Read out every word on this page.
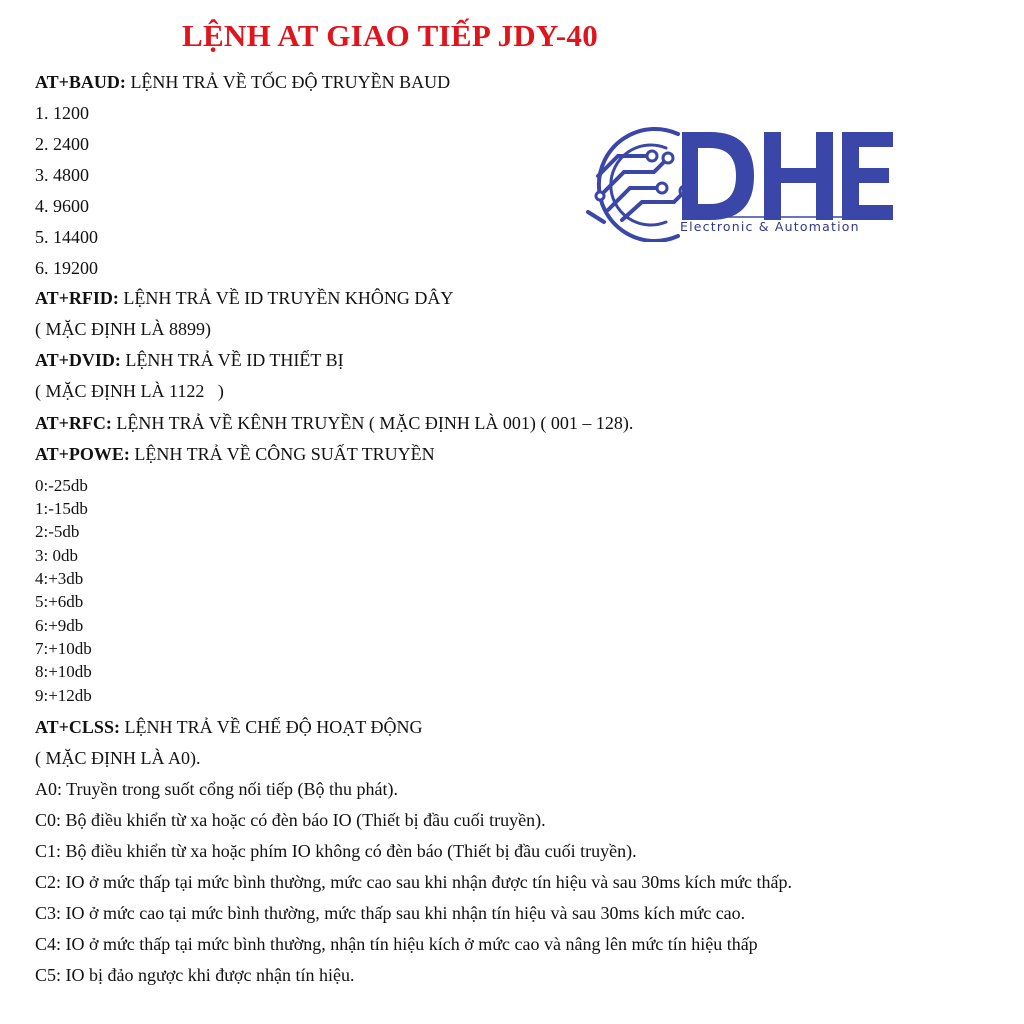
LỆNH AT GIAO TIẾP JDY-40
AT+BAUD: LỆNH TRẢ VỀ TỐC ĐỘ TRUYỀN BAUD
1. 1200
2. 2400
3. 4800
4. 9600
5. 14400
6. 19200
AT+RFID: LỆNH TRẢ VỀ ID TRUYỀN KHÔNG DÂY
( MẶC ĐỊNH LÀ 8899)
AT+DVID: LỆNH TRẢ VỀ ID THIẾT BỊ
( MẶC ĐỊNH LÀ 1122   )
AT+RFC: LỆNH TRẢ VỀ KÊNH TRUYỀN ( MẶC ĐỊNH LÀ 001) ( 001 – 128).
AT+POWE: LỆNH TRẢ VỀ CÔNG SUẤT TRUYỀN
0:-25db
1:-15db
2:-5db
3: 0db
4:+3db
5:+6db
6:+9db
7:+10db
8:+10db
9:+12db
AT+CLSS: LỆNH TRẢ VỀ CHẾ ĐỘ HOẠT ĐỘNG
( MẶC ĐỊNH LÀ A0).
A0: Truyền trong suốt cổng nối tiếp (Bộ thu phát).
C0: Bộ điều khiển từ xa hoặc có đèn báo IO (Thiết bị đầu cuối truyền).
C1: Bộ điều khiển từ xa hoặc phím IO không có đèn báo (Thiết bị đầu cuối truyền).
C2: IO ở mức thấp tại mức bình thường, mức cao sau khi nhận được tín hiệu và sau 30ms kích mức thấp.
C3: IO ở mức cao tại mức bình thường, mức thấp sau khi nhận tín hiệu và sau 30ms kích mức cao.
C4: IO ở mức thấp tại mức bình thường, nhận tín hiệu kích ở mức cao và nâng lên mức tín hiệu thấp
C5: IO bị đảo ngược khi được nhận tín hiệu.
Electronic & Automation
